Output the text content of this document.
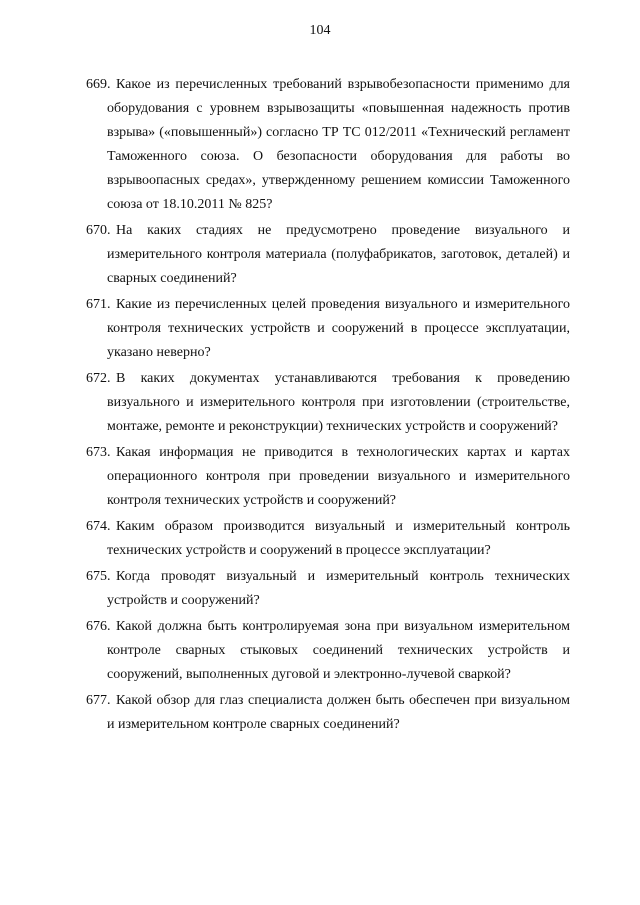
104
669. Какое из перечисленных требований взрывобезопасности применимо для оборудования с уровнем взрывозащиты «повышенная надежность против взрыва» («повышенный») согласно ТР ТС 012/2011 «Технический регламент Таможенного союза. О безопасности оборудования для работы во взрывоопасных средах», утвержденному решением комиссии Таможенного союза от 18.10.2011 № 825?
670. На каких стадиях не предусмотрено проведение визуального и измерительного контроля материала (полуфабрикатов, заготовок, деталей) и сварных соединений?
671. Какие из перечисленных целей проведения визуального и измерительного контроля технических устройств и сооружений в процессе эксплуатации, указано неверно?
672. В каких документах устанавливаются требования к проведению визуального и измерительного контроля при изготовлении (строительстве, монтаже, ремонте и реконструкции) технических устройств и сооружений?
673. Какая информация не приводится в технологических картах и картах операционного контроля при проведении визуального и измерительного контроля технических устройств и сооружений?
674. Каким образом производится визуальный и измерительный контроль технических устройств и сооружений в процессе эксплуатации?
675. Когда проводят визуальный и измерительный контроль технических устройств и сооружений?
676. Какой должна быть контролируемая зона при визуальном измерительном контроле сварных стыковых соединений технических устройств и сооружений, выполненных дуговой и электронно-лучевой сваркой?
677. Какой обзор для глаз специалиста должен быть обеспечен при визуальном и измерительном контроле сварных соединений?
